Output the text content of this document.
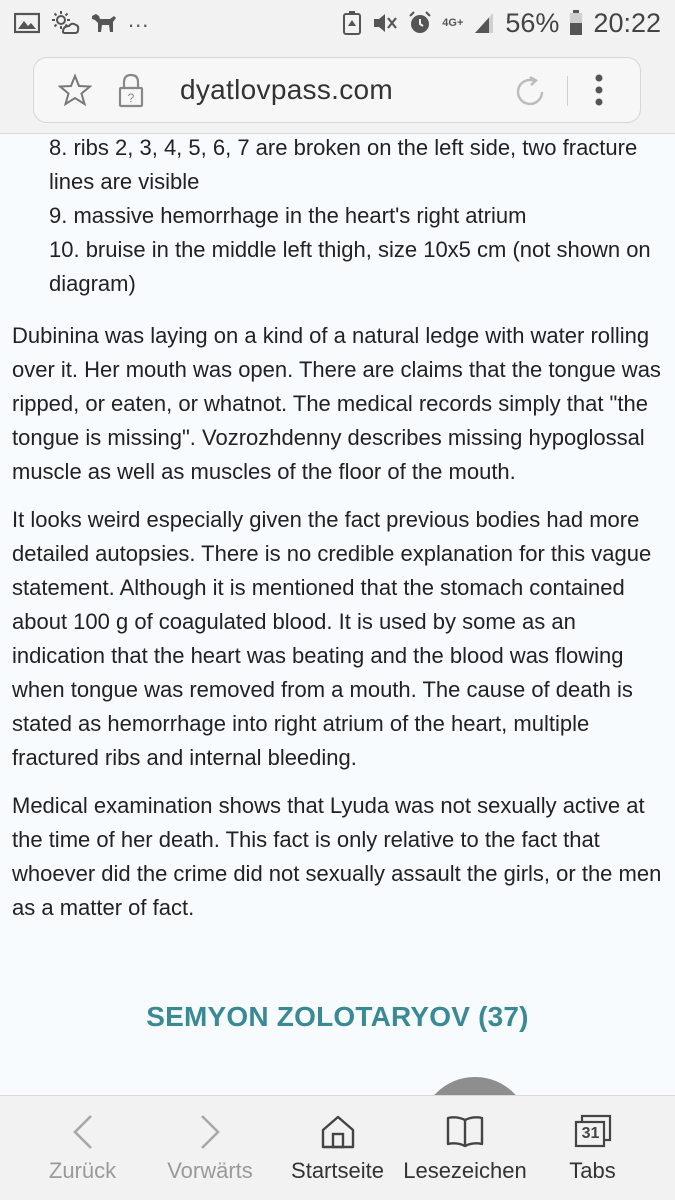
...	4G+ 56% 20:22
? dyatlovpass.com

8. ribs 2, 3, 4, 5, 6, 7 are broken on the left side, two fracture lines are visible

9. massive hemorrhage in the heart's right atrium

10. bruise in the middle left thigh, size 10x5 cm (not shown on diagram)

Dubinina was laying on a kind of a natural ledge with water rolling over it. Her mouth was open. There are claims that the tongue was ripped, or eaten, or whatnot. The medical records simply that "the tongue is missing". Vozrozhdenny describes missing hypoglossal muscle as well as muscles of the floor of the mouth.

It looks weird especially given the fact previous bodies had more detailed autopsies. There is no credible explanation for this vague statement. Although it is mentioned that the stomach contained about 100 g of coagulated blood. It is used by some as an indication that the heart was beating and the blood was flowing when tongue was removed from a mouth. The cause of death is stated as hemorrhage into right atrium of the heart, multiple fractured ribs and internal bleeding.

Medical examination shows that Lyuda was not sexually active at the time of her death. This fact is only relative to the fact that whoever did the crime did not sexually assault the girls, or the men as a matter of fact.

SEMYON ZOLOTARYOV (37)
Zurück Vorwärts Startseite Lesezeichen
31
Tabs
